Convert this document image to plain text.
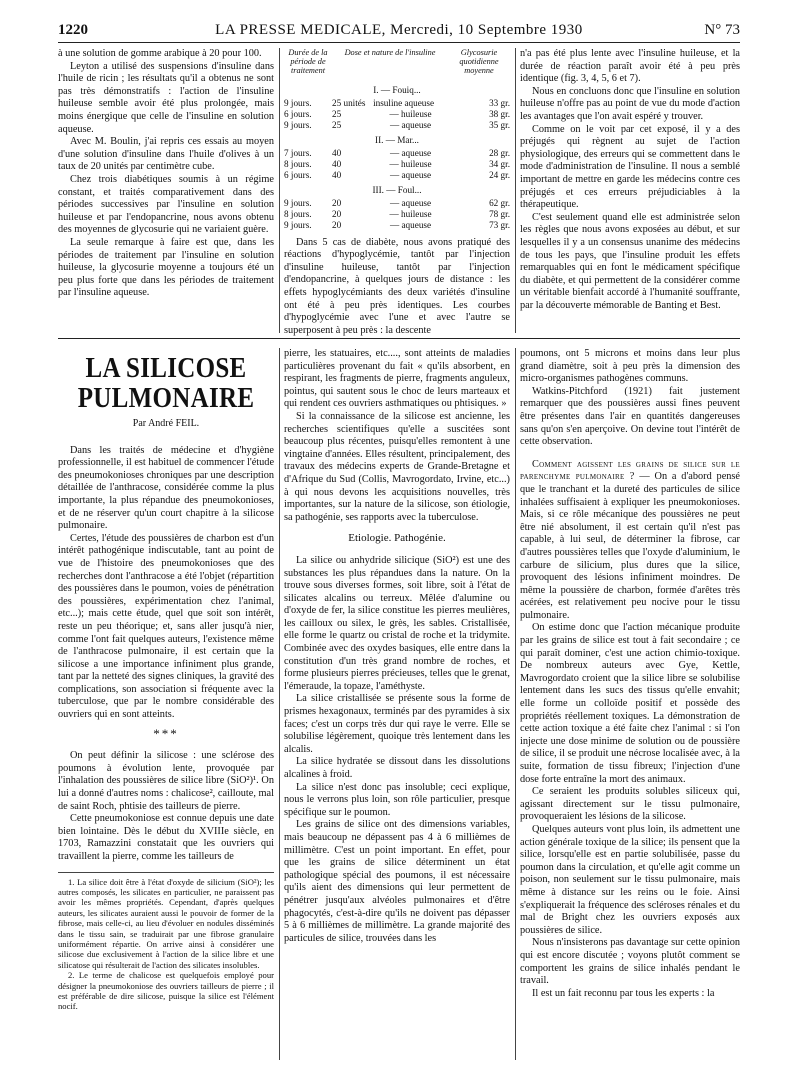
1220	LA PRESSE MEDICALE, Mercredi, 10 Septembre 1930	N° 73

à une solution de gomme arabique à 20 pour 100.

Leyton a utilisé des suspensions d'insuline dans l'huile de ricin ; les résultats qu'il a obtenus ne sont pas très démonstratifs : l'action de l'insuline huileuse semble avoir été plus prolongée, mais moins énergique que celle de l'insuline en solution aqueuse.

Avec M. Boulin, j'ai repris ces essais au moyen d'une solution d'insuline dans l'huile d'olives à un taux de 20 unités par centimètre cube.

Chez trois diabétiques soumis à un régime constant, et traités comparativement dans des périodes successives par l'insuline en solution huileuse et par l'endopancrine, nous avons obtenu des moyennes de glycosurie qui ne variaient guère.

La seule remarque à faire est que, dans les périodes de traitement par l'insuline en solution huileuse, la glycosurie moyenne a toujours été un peu plus forte que dans les périodes de traitement par l'insuline aqueuse.

Durée de la période de traitement	Dose et nature de l'insuline		Glycosurie quotidienne moyenne
I. — Fouiq...			
9 jours.	25 unités	insuline aqueuse	33 gr.
6 jours.	25	— huileuse	38 gr.
9 jours.	25	— aqueuse	35 gr.
II. — Mar...			
7 jours.	40	— aqueuse	28 gr.
8 jours.	40	— huileuse	34 gr.
6 jours.	40	— aqueuse	24 gr.
III. — Foul...			
9 jours.	20	— aqueuse	62 gr.
8 jours.	20	— huileuse	78 gr.
9 jours.	20	— aqueuse	73 gr.

Dans 5 cas de diabète, nous avons pratiqué des réactions d'hypoglycémie, tantôt par l'injection d'insuline huileuse, tantôt par l'injection d'endopancrine, à quelques jours de distance : les effets hypoglycémiants des deux variétés d'insuline ont été à peu près identiques. Les courbes d'hypoglycémie avec l'une et avec l'autre se superposent à peu près : la descente

n'a pas été plus lente avec l'insuline huileuse, et la durée de réaction paraît avoir été à peu près identique (fig. 3, 4, 5, 6 et 7).

Nous en concluons donc que l'insuline en solution huileuse n'offre pas au point de vue du mode d'action les avantages que l'on avait espéré y trouver.

Comme on le voit par cet exposé, il y a des préjugés qui règnent au sujet de l'action physiologique, des erreurs qui se commettent dans le mode d'administration de l'insuline. Il nous a semblé important de mettre en garde les médecins contre ces préjugés et ces erreurs préjudiciables à la thérapeutique.

C'est seulement quand elle est administrée selon les règles que nous avons exposées au début, et sur lesquelles il y a un consensus unanime des médecins de tous les pays, que l'insuline produit les effets remarquables qui en font le médicament spécifique du diabète, et qui permettent de la considérer comme un véritable bienfait accordé à l'humanité souffrante, par la découverte mémorable de Banting et Best.

LA SILICOSE PULMONAIRE
Par André FEIL.

Dans les traités de médecine et d'hygiène professionnelle, il est habituel de commencer l'étude des pneumokonioses chroniques par une description détaillée de l'anthracose, considérée comme la plus importante, la plus répandue des pneumokonioses, et de ne réserver qu'un court chapitre à la silicose pulmonaire.

Certes, l'étude des poussières de charbon est d'un intérêt pathogénique indiscutable, tant au point de vue de l'histoire des pneumokonioses que des recherches dont l'anthracose a été l'objet (répartition des poussières dans le poumon, voies de pénétration des poussières, expérimentation chez l'animal, etc...); mais cette étude, quel que soit son intérêt, reste un peu théorique; et, sans aller jusqu'à nier, comme l'ont fait quelques auteurs, l'existence même de l'anthracose pulmonaire, il est certain que la silicose a une importance infiniment plus grande, tant par la netteté des signes cliniques, la gravité des complications, son association si fréquente avec la tuberculose, que par le nombre considérable des ouvriers qui en sont atteints.

***

On peut définir la silicose : une sclérose des poumons à évolution lente, provoquée par l'inhalation des poussières de silice libre (SiO²)¹. On lui a donné d'autres noms : chalicose², cailloute, mal de saint Roch, phtisie des tailleurs de pierre.

Cette pneumokoniose est connue depuis une date bien lointaine. Dès le début du XVIIIe siècle, en 1703, Ramazzini constatait que les ouvriers qui travaillent la pierre, comme les tailleurs de

1. La silice doit être à l'état d'oxyde de silicium (SiO²); les autres composés, les silicates en particulier, ne paraissent pas avoir les mêmes propriétés. Cependant, d'après quelques auteurs, les silicates auraient aussi le pouvoir de former de la fibrose, mais celle-ci, au lieu d'évoluer en nodules disséminés dans le tissu sain, se traduirait par une fibrose granulaire uniformément répartie. On arrive ainsi à considérer une silicose due exclusivement à l'action de la silice libre et une silicatose qui résulterait de l'action des silicates insolubles.

2. Le terme de chalicose est quelquefois employé pour désigner la pneumokoniose des ouvriers tailleurs de pierre ; il est préférable de dire silicose, puisque la silice est l'élément nocif.

pierre, les statuaires, etc...., sont atteints de maladies particulières provenant du fait « qu'ils absorbent, en respirant, les fragments de pierre, fragments anguleux, pointus, qui sautent sous le choc de leurs marteaux et qui rendent ces ouvriers asthmatiques ou phtisiques. »

Si la connaissance de la silicose est ancienne, les recherches scientifiques qu'elle a suscitées sont beaucoup plus récentes, puisqu'elles remontent à une vingtaine d'années. Elles résultent, principalement, des travaux des médecins experts de Grande-Bretagne et d'Afrique du Sud (Collis, Mavrogordato, Irvine, etc...) à qui nous devons les acquisitions nouvelles, très importantes, sur la nature de la silicose, son étiologie, sa pathogénie, ses rapports avec la tuberculose.

Etiologie. Pathogénie.

La silice ou anhydride silicique (SiO²) est une des substances les plus répandues dans la nature. On la trouve sous diverses formes, soit libre, soit à l'état de silicates alcalins ou terreux. Mêlée d'alumine ou d'oxyde de fer, la silice constitue les pierres meulières, les cailloux ou silex, le grès, les sables. Cristallisée, elle forme le quartz ou cristal de roche et la tridymite. Combinée avec des oxydes basiques, elle entre dans la constitution d'un très grand nombre de roches, et forme plusieurs pierres précieuses, telles que le grenat, l'émeraude, la topaze, l'améthyste.

La silice cristallisée se présente sous la forme de prismes hexagonaux, terminés par des pyramides à six faces; c'est un corps très dur qui raye le verre. Elle se solubilise légèrement, quoique très lentement dans les alcalis.

La silice hydratée se dissout dans les dissolutions alcalines à froid.

La silice n'est donc pas insoluble; ceci explique, nous le verrons plus loin, son rôle particulier, presque spécifique sur le poumon.

Les grains de silice ont des dimensions variables, mais beaucoup ne dépassent pas 4 à 6 millièmes de millimètre. C'est un point important. En effet, pour que les grains de silice déterminent un état pathologique spécial des poumons, il est nécessaire qu'ils aient des dimensions qui leur permettent de pénétrer jusqu'aux alvéoles pulmonaires et d'être phagocytés, c'est-à-dire qu'ils ne doivent pas dépasser 5 à 6 millièmes de millimètre. La grande majorité des particules de silice, trouvées dans les

poumons, ont 5 microns et moins dans leur plus grand diamètre, soit à peu près la dimension des micro-organismes pathogènes communs.

Watkins-Pitchford (1921) fait justement remarquer que des poussières aussi fines peuvent être présentes dans l'air en quantités dangereuses sans qu'on s'en aperçoive. On devine tout l'intérêt de cette observation.

Comment agissent les grains de silice sur le parenchyme pulmonaire ? — On a d'abord pensé que le tranchant et la dureté des particules de silice inhalées suffisaient à expliquer les pneumokonioses. Mais, si ce rôle mécanique des poussières ne peut être nié absolument, il est certain qu'il n'est pas capable, à lui seul, de déterminer la fibrose, car d'autres poussières telles que l'oxyde d'aluminium, le carbure de silicium, plus dures que la silice, provoquent des lésions infiniment moindres. De même la poussière de charbon, formée d'arêtes très acérées, est relativement peu nocive pour le tissu pulmonaire.

On estime donc que l'action mécanique produite par les grains de silice est tout à fait secondaire ; ce qui paraît dominer, c'est une action chimio-toxique. De nombreux auteurs avec Gye, Kettle, Mavrogordato croient que la silice libre se solubilise lentement dans les sucs des tissus qu'elle envahit; elle forme un colloïde positif et possède des propriétés réellement toxiques. La démonstration de cette action toxique a été faite chez l'animal : si l'on injecte une dose minime de solution ou de poussière de silice, il se produit une nécrose localisée avec, à la suite, formation de tissu fibreux; l'injection d'une dose forte entraîne la mort des animaux.

Ce seraient les produits solubles siliceux qui, agissant directement sur le tissu pulmonaire, provoqueraient les lésions de la silicose.

Quelques auteurs vont plus loin, ils admettent une action générale toxique de la silice; ils pensent que la silice, lorsqu'elle est en partie solubilisée, passe du poumon dans la circulation, et qu'elle agit comme un poison, non seulement sur le tissu pulmonaire, mais même à distance sur les reins ou le foie. Ainsi s'expliquerait la fréquence des scléroses rénales et du mal de Bright chez les ouvriers exposés aux poussières de silice.

Nous n'insisterons pas davantage sur cette opinion qui est encore discutée ; voyons plutôt comment se comportent les grains de silice inhalés pendant le travail.

Il est un fait reconnu par tous les experts : la
